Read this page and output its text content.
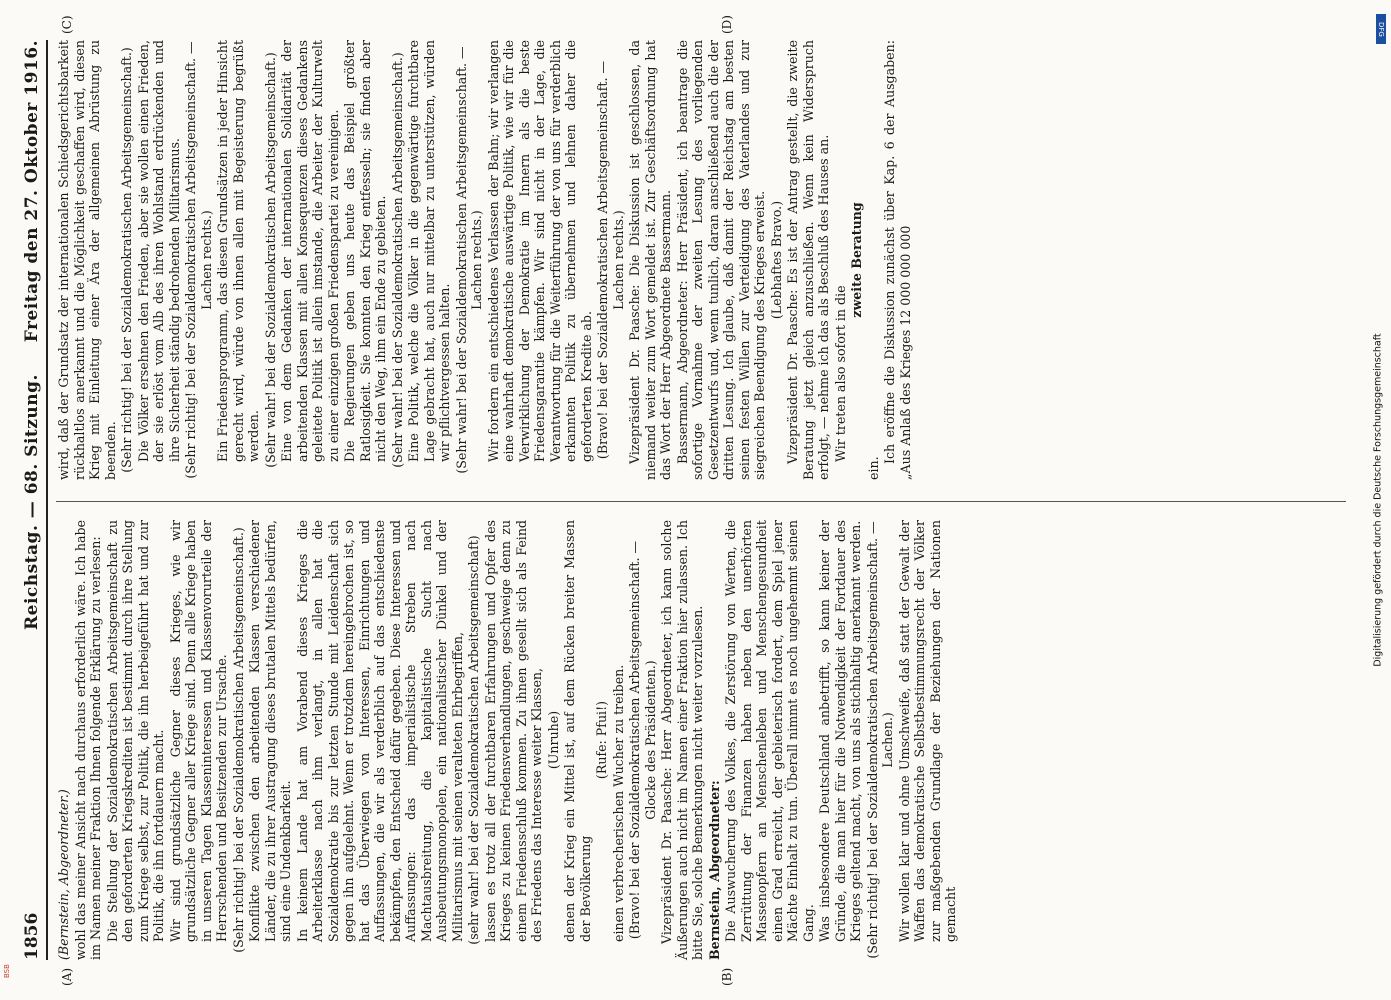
1856
Reichstag. — 68. Sitzung.
Freitag den 27. Oktober 1916.
(A)	(B)
(C)	(D)

(Bernstein, Abgeordneter.) wohl das meiner Ansicht nach durchaus erforderlich wäre. Ich habe im Namen meiner Fraktion Ihnen folgende Erklärung zu verlesen: Die Stellung der Sozialdemokratischen Arbeitsgemeinschaft zu den geforderten Kriegskrediten ist bestimmt durch ihre Stellung zum Kriege selbst, zur Politik, die ihn herbeigeführt hat und zur Politik, die ihn fortdauern macht. Wir sind grundsätzliche Gegner dieses Krieges, wie wir grundsätzliche Gegner aller Kriege sind. Denn alle Kriege haben in unseren Tagen Klasseninteressen und Klassenvorurteile der Herrschenden und Besitzenden zur Ursache. (Sehr richtig! bei der Sozialdemokratischen Arbeitsgemeinschaft.) Konflikte zwischen den arbeitenden Klassen verschiedener Länder, die zu ihrer Austragung dieses brutalen Mittels bedürfen, sind eine Undenkbarkeit. In keinem Lande hat am Vorabend dieses Krieges die Arbeiterklasse nach ihm verlangt, in allen hat die Sozialdemokratie bis zur letzten Stunde mit Leidenschaft sich gegen ihn aufgelehnt. Wenn er trotzdem hereingebrochen ist, so hat das Überwiegen von Interessen, Einrichtungen und Auffassungen, die wir als verderblich auf das entschiedenste bekämpfen, den Entscheid dafür gegeben. Diese Interessen und Auffassungen: das imperialistische Streben nach Machtausbreitung, die kapitalistische Sucht nach Ausbeutungsmonopolen, ein nationalistischer Dünkel und der Militarismus mit seinen veralteten Ehrbegriffen, (sehr wahr! bei der Sozialdemokratischen Arbeitsgemeinschaft) lassen es trotz all der furchtbaren Erfahrungen und Opfer des Krieges zu keinen Friedensverhandlungen, geschweige denn zu einem Friedensschluß kommen. Zu ihnen gesellt sich als Feind des Friedens das Interesse weiter Klassen, (Unruhe) denen der Krieg ein Mittel ist, auf dem Rücken breiter Massen der Bevölkerung

(Rufe: Pfui!) einen verbrecherischen Wucher zu treiben. (Bravo! bei der Sozialdemokratischen Arbeitsgemeinschaft. — Glocke des Präsidenten.) Vizepräsident Dr. Paasche: Herr Abgeordneter, ich kann solche Äußerungen auch nicht im Namen einer Fraktion hier zulassen. Ich bitte Sie, solche Bemerkungen nicht weiter vorzulesen. Bernstein, Abgeordneter: Die Auswucherung des Volkes, die Zerstörung von Werten, die Zerrüttung der Finanzen haben neben den unerhörten Massenopfern an Menschenleben und Menschengesundheit einen Grad erreicht, der gebieterisch fordert, dem Spiel jener Mächte Einhalt zu tun. Überall nimmt es noch ungehemmt seinen Gang. Was insbesondere Deutschland anbetrifft, so kann keiner der Gründe, die man hier für die Notwendigkeit der Fortdauer des Krieges geltend macht, von uns als stichhaltig anerkannt werden. (Sehr richtig! bei der Sozialdemokratischen Arbeitsgemeinschaft. — Lachen.) Wir wollen klar und ohne Umschweife, daß statt der Gewalt der Waffen das demokratische Selbstbestimmungsrecht der Völker zur maßgebenden Grundlage der Beziehungen der Nationen gemacht

wird, daß der Grundsatz der internationalen Schiedsgerichtsbarkeit rückhaltlos anerkannt und die Möglichkeit geschaffen wird, diesen Krieg mit Einleitung einer Ära der allgemeinen Abrüstung zu beenden. (Sehr richtig! bei der Sozialdemokratischen Arbeitsgemeinschaft.) Die Völker ersehnen den Frieden, aber sie wollen einen Frieden, der sie erlöst vom Alb des ihren Wohlstand erdrückenden und ihre Sicherheit ständig bedrohenden Militarismus. (Sehr richtig! bei der Sozialdemokratischen Arbeitsgemeinschaft. — Lachen rechts.) Ein Friedensprogramm, das diesen Grundsätzen in jeder Hinsicht gerecht wird, würde von ihnen allen mit Begeisterung begrüßt werden. (Sehr wahr! bei der Sozialdemokratischen Arbeitsgemeinschaft.) Eine von dem Gedanken der internationalen Solidarität der arbeitenden Klassen mit allen Konsequenzen dieses Gedankens geleitete Politik ist allein imstande, die Arbeiter der Kulturwelt zu einer einzigen großen Friedenspartei zu vereinigen. Die Regierungen geben uns heute das Beispiel größter Ratlosigkeit. Sie konnten den Krieg entfesseln; sie finden aber nicht den Weg, ihm ein Ende zu gebieten. (Sehr wahr! bei der Sozialdemokratischen Arbeitsgemeinschaft.) Eine Politik, welche die Völker in die gegenwärtige furchtbare Lage gebracht hat, auch nur mittelbar zu unterstützen, würden wir pflichtvergessen halten. (Sehr wahr! bei der Sozialdemokratischen Arbeitsgemeinschaft. — Lachen rechts.) Wir fordern ein entschiedenes Verlassen der Bahn; wir verlangen eine wahrhaft demokratische auswärtige Politik, wie wir für die Verwirklichung der Demokratie im Innern als die beste Friedensgarantie kämpfen. Wir sind nicht in der Lage, die Verantwortung für die Weiterführung der von uns für verderblich erkannten Politik zu übernehmen und lehnen daher die geforderten Kredite ab. (Bravo! bei der Sozialdemokratischen Arbeitsgemeinschaft. — Lachen rechts.) Vizepräsident Dr. Paasche: Die Diskussion ist geschlossen, da niemand weiter zum Wort gemeldet ist. Zur Geschäftsordnung hat das Wort der Herr Abgeordnete Bassermann. Bassermann, Abgeordneter: Herr Präsident, ich beantrage die sofortige Vornahme der zweiten Lesung des vorliegenden Gesetzentwurfs und, wenn tunlich, daran anschließend auch die der dritten Lesung. Ich glaube, daß damit der Reichstag am besten seinen festen Willen zur Verteidigung des Vaterlandes und zur siegreichen Beendigung des Krieges erweist. (Lebhaftes Bravo.) Vizepräsident Dr. Paasche: Es ist der Antrag gestellt, die zweite Beratung jetzt gleich anzuschließen. Wenn kein Widerspruch erfolgt, — nehme ich das als Beschluß des Hauses an. Wir treten also sofort in die

zweite Beratung

ein.

Ich eröffne die Diskussion zunächst über Kap. 6 der Ausgaben: „Aus Anlaß des Krieges 12 000 000 000	Digitalisierung gefördert durch die Deutsche Forschungsgemeinschaft
DFG
BSB
